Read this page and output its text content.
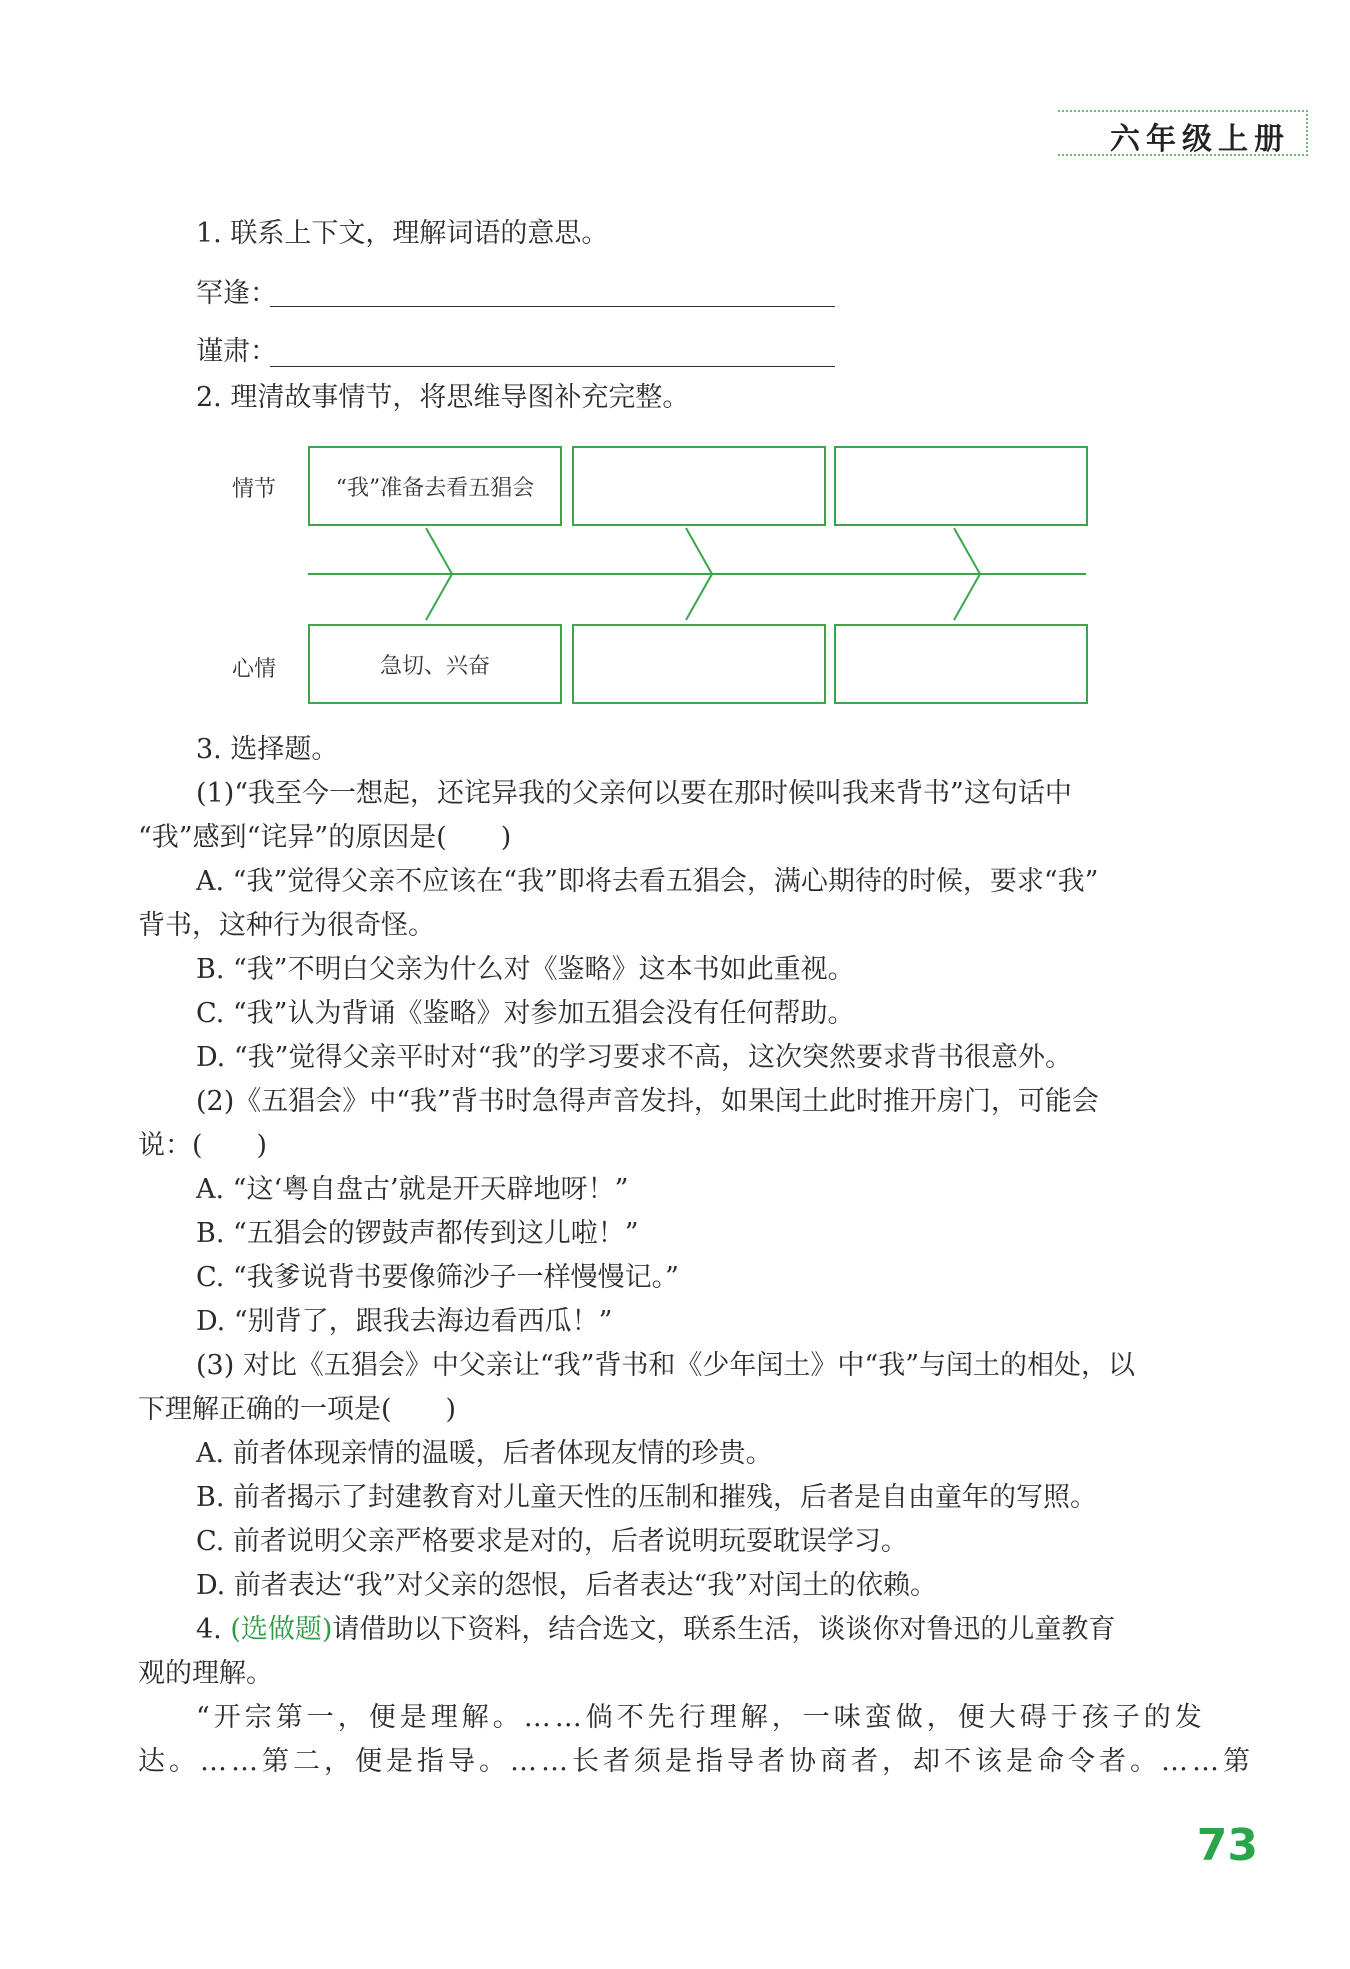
六年级上册
1. 联系上下文，理解词语的意思。
罕逢：
谨肃：
2. 理清故事情节，将思维导图补充完整。
情节
心情
“我”准备去看五猖会
急切、兴奋
3. 选择题。
(1)“我至今一想起，还诧异我的父亲何以要在那时候叫我来背书”这句话中
“我”感到“诧异”的原因是(　　)
A. “我”觉得父亲不应该在“我”即将去看五猖会，满心期待的时候，要求“我”
背书，这种行为很奇怪。
B. “我”不明白父亲为什么对《鉴略》这本书如此重视。
C. “我”认为背诵《鉴略》对参加五猖会没有任何帮助。
D. “我”觉得父亲平时对“我”的学习要求不高，这次突然要求背书很意外。
(2)《五猖会》中“我”背书时急得声音发抖，如果闰土此时推开房门，可能会
说：(　　)
A. “这‘粤自盘古’就是开天辟地呀！”
B. “五猖会的锣鼓声都传到这儿啦！”
C. “我爹说背书要像筛沙子一样慢慢记。”
D. “别背了，跟我去海边看西瓜！”
(3) 对比《五猖会》中父亲让“我”背书和《少年闰土》中“我”与闰土的相处，以
下理解正确的一项是(　　)
A. 前者体现亲情的温暖，后者体现友情的珍贵。
B. 前者揭示了封建教育对儿童天性的压制和摧残，后者是自由童年的写照。
C. 前者说明父亲严格要求是对的，后者说明玩耍耽误学习。
D. 前者表达“我”对父亲的怨恨，后者表达“我”对闰土的依赖。
4. (选做题)请借助以下资料，结合选文，联系生活，谈谈你对鲁迅的儿童教育
观的理解。
“开宗第一，便是理解。……倘不先行理解，一味蛮做，便大碍于孩子的发
达。……第二，便是指导。……长者须是指导者协商者，却不该是命令者。……第
73
